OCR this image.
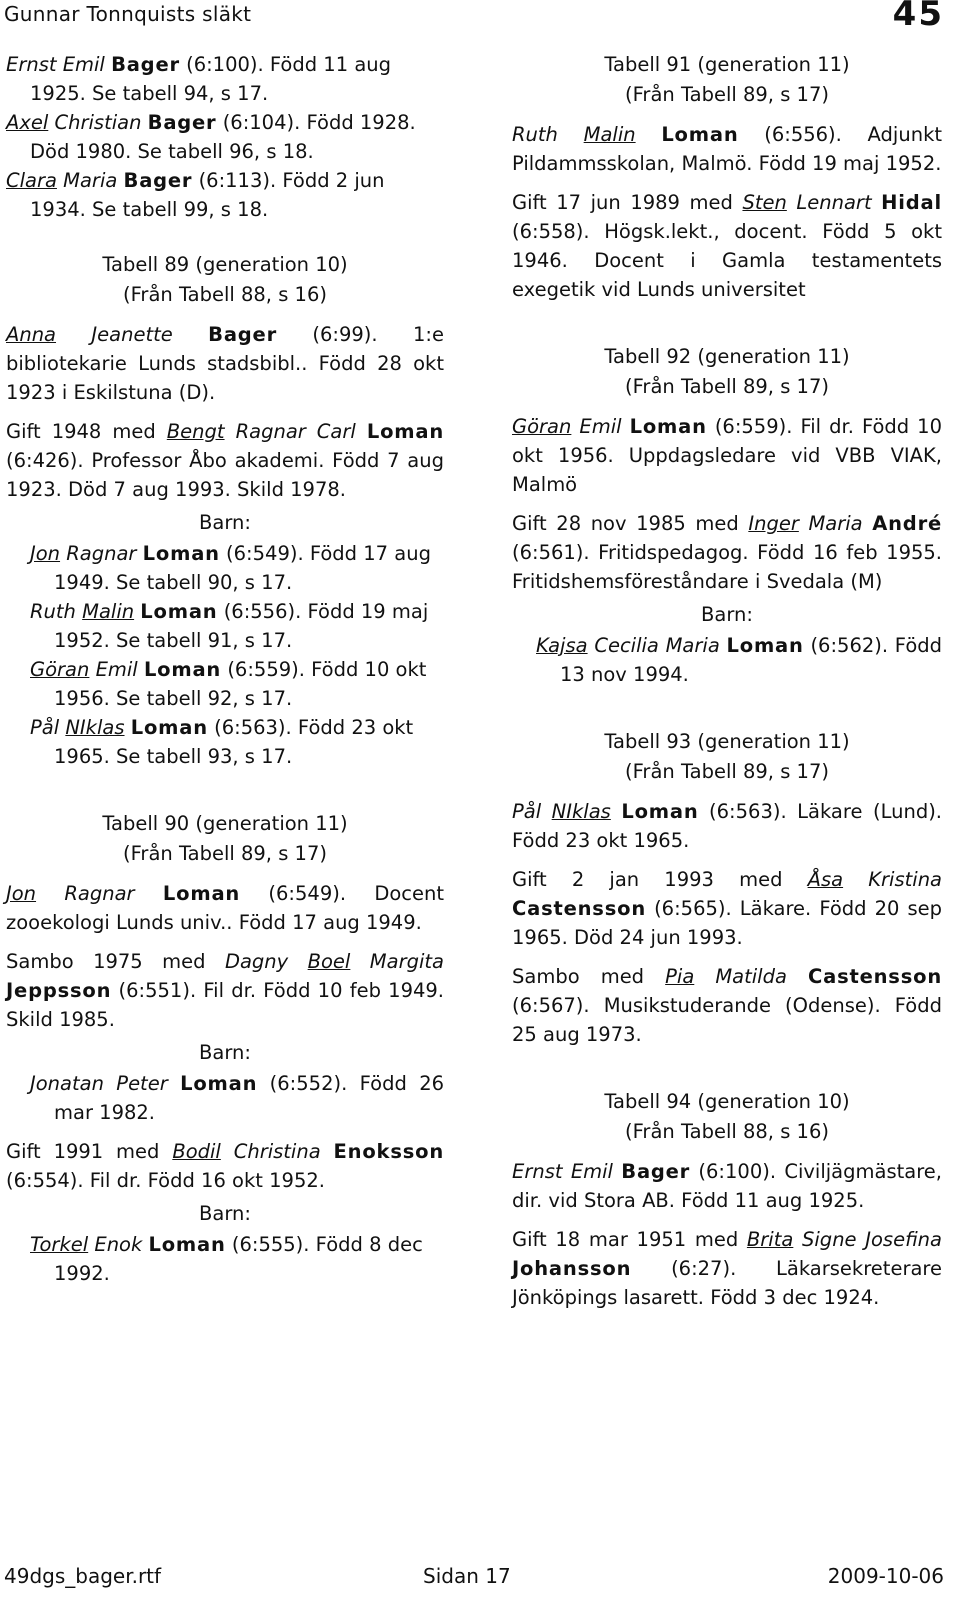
Gunnar Tonnquists släkt	45

Ernst Emil Bager (6:100). Född 11 aug 1925. Se tabell 94, s 17.

Axel Christian Bager (6:104). Född 1928. Död 1980. Se tabell 96, s 18.

Clara Maria Bager (6:113). Född 2 jun 1934. Se tabell 99, s 18.

Tabell 89 (generation 10)
(Från Tabell 88, s 16)

Anna Jeanette Bager (6:99). 1:e bibliotekarie Lunds stadsbibl.. Född 28 okt 1923 i Eskilstuna (D).

Gift 1948 med Bengt Ragnar Carl Loman (6:426). Professor Åbo akademi. Född 7 aug 1923. Död 7 aug 1993. Skild 1978.

Barn:

Jon Ragnar Loman (6:549). Född 17 aug 1949. Se tabell 90, s 17.

Ruth Malin Loman (6:556). Född 19 maj 1952. Se tabell 91, s 17.

Göran Emil Loman (6:559). Född 10 okt 1956. Se tabell 92, s 17.

Pål NIklas Loman (6:563). Född 23 okt 1965. Se tabell 93, s 17.

Tabell 90 (generation 11)
(Från Tabell 89, s 17)

Jon Ragnar Loman (6:549). Docent zooekologi Lunds univ.. Född 17 aug 1949.

Sambo 1975 med Dagny Boel Margita Jeppsson (6:551). Fil dr. Född 10 feb 1949. Skild 1985.

Barn:

Jonatan Peter Loman (6:552). Född 26 mar 1982.

Gift 1991 med Bodil Christina Enoksson (6:554). Fil dr. Född 16 okt 1952.

Barn:

Torkel Enok Loman (6:555). Född 8 dec 1992.

Tabell 91 (generation 11)
(Från Tabell 89, s 17)

Ruth Malin Loman (6:556). Adjunkt Pildammsskolan, Malmö. Född 19 maj 1952.

Gift 17 jun 1989 med Sten Lennart Hidal (6:558). Högsk.lekt., docent. Född 5 okt 1946. Docent i Gamla testamentets exegetik vid Lunds universitet

Tabell 92 (generation 11)
(Från Tabell 89, s 17)

Göran Emil Loman (6:559). Fil dr. Född 10 okt 1956. Uppdagsledare vid VBB VIAK, Malmö

Gift 28 nov 1985 med Inger Maria André (6:561). Fritidspedagog. Född 16 feb 1955. Fritidshemsföreståndare i Svedala (M)

Barn:

Kajsa Cecilia Maria Loman (6:562). Född 13 nov 1994.

Tabell 93 (generation 11)
(Från Tabell 89, s 17)

Pål NIklas Loman (6:563). Läkare (Lund). Född 23 okt 1965.

Gift 2 jan 1993 med Åsa Kristina Castensson (6:565). Läkare. Född 20 sep 1965. Död 24 jun 1993.

Sambo med Pia Matilda Castensson (6:567). Musikstuderande (Odense). Född 25 aug 1973.

Tabell 94 (generation 10)
(Från Tabell 88, s 16)

Ernst Emil Bager (6:100). Civiljägmästare, dir. vid Stora AB. Född 11 aug 1925.

Gift 18 mar 1951 med Brita Signe Josefina Johansson (6:27). Läkarsekreterare Jönköpings lasarett. Född 3 dec 1924.

49dgs_bager.rtf	Sidan 17	2009-10-06
